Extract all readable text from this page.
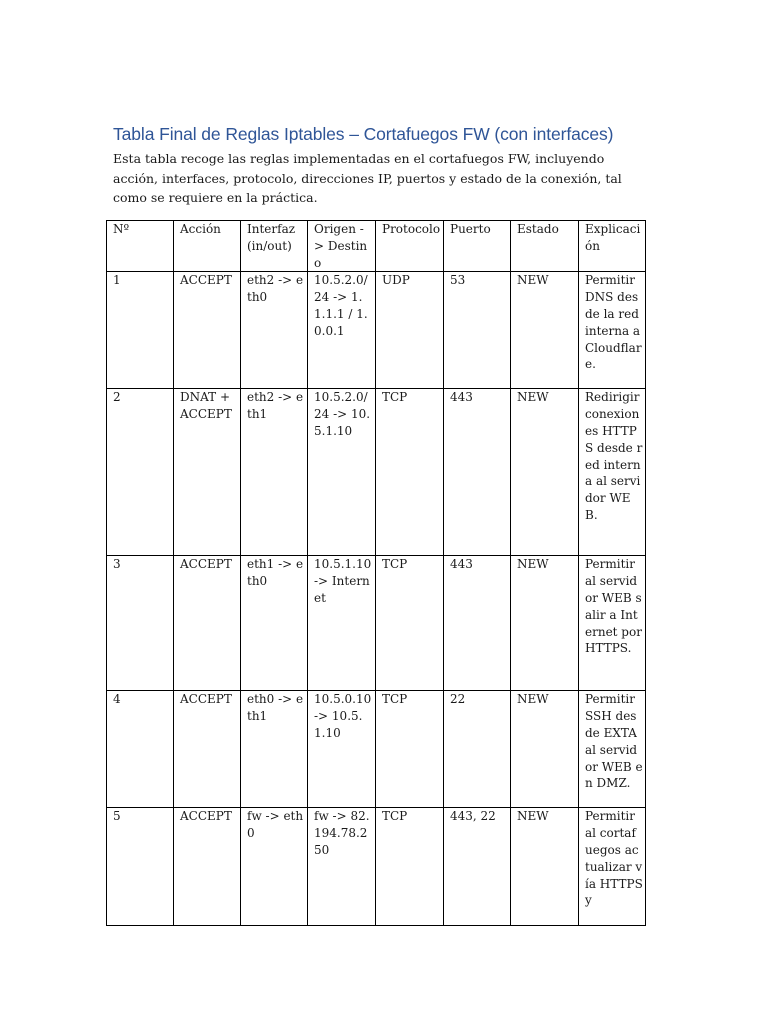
Tabla Final de Reglas Iptables – Cortafuegos FW (con interfaces)
Esta tabla recoge las reglas implementadas en el cortafuegos FW, incluyendo acción, interfaces, protocolo, direcciones IP, puertos y estado de la conexión, tal como se requiere en la práctica.
Nº	Acción	Interfaz (in/out)	Origen -> Destino	Protocolo	Puerto	Estado	Explicación
1	ACCEPT	eth2 -> eth0	10.5.2.0/24 -> 1.1.1.1 / 1.0.0.1	UDP	53	NEW	Permitir DNS desde la red interna a Cloudflare.
2	DNAT + ACCEPT	eth2 -> eth1	10.5.2.0/24 -> 10.5.1.10	TCP	443	NEW	Redirigir conexiones HTTPS desde red interna al servidor WEB.
3	ACCEPT	eth1 -> eth0	10.5.1.10 -> Internet	TCP	443	NEW	Permitir al servidor WEB salir a Internet por HTTPS.
4	ACCEPT	eth0 -> eth1	10.5.0.10 -> 10.5.1.10	TCP	22	NEW	Permitir SSH desde EXTA al servidor WEB en DMZ.
5	ACCEPT	fw -> eth0	fw -> 82.194.78.250	TCP	443, 22	NEW	Permitir al cortafuegos actualizar vía HTTPS y
